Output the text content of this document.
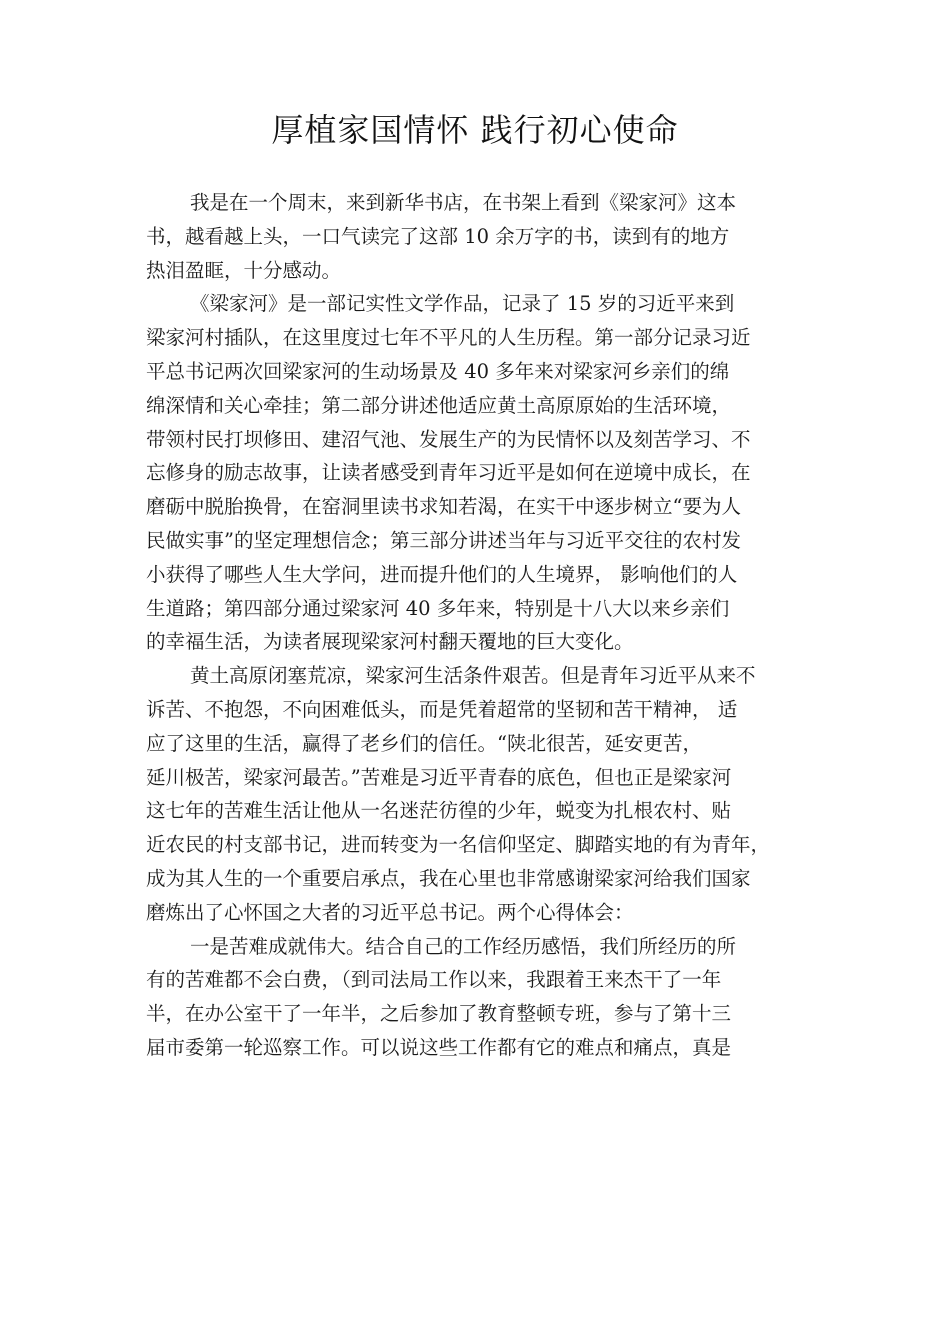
厚植家国情怀 践行初心使命
我是在一个周末，来到新华书店，在书架上看到《梁家河》这本
书，越看越上头，一口气读完了这部 10 余万字的书，读到有的地方
热泪盈眶，十分感动。
《梁家河》是一部记实性文学作品，记录了 15 岁的习近平来到
梁家河村插队，在这里度过七年不平凡的人生历程。第一部分记录习近
平总书记两次回梁家河的生动场景及 40 多年来对梁家河乡亲们的绵
绵深情和关心牵挂；第二部分讲述他适应黄土高原原始的生活环境，
带领村民打坝修田、建沼气池、发展生产的为民情怀以及刻苦学习、不
忘修身的励志故事，让读者感受到青年习近平是如何在逆境中成长，在
磨砺中脱胎换骨，在窑洞里读书求知若渴，在实干中逐步树立“要为人
民做实事”的坚定理想信念；第三部分讲述当年与习近平交往的农村发
小获得了哪些人生大学问，进而提升他们的人生境界， 影响他们的人
生道路；第四部分通过梁家河 40 多年来，特别是十八大以来乡亲们
的幸福生活，为读者展现梁家河村翻天覆地的巨大变化。
黄土高原闭塞荒凉，梁家河生活条件艰苦。但是青年习近平从来不
诉苦、不抱怨，不向困难低头，而是凭着超常的坚韧和苦干精神， 适
应了这里的生活，赢得了老乡们的信任。“陕北很苦，延安更苦，
延川极苦，梁家河最苦。”苦难是习近平青春的底色，但也正是梁家河
这七年的苦难生活让他从一名迷茫彷徨的少年，蜕变为扎根农村、贴
近农民的村支部书记，进而转变为一名信仰坚定、脚踏实地的有为青年，
成为其人生的一个重要启承点，我在心里也非常感谢梁家河给我们国家
磨炼出了心怀国之大者的习近平总书记。两个心得体会：
一是苦难成就伟大。结合自己的工作经历感悟，我们所经历的所
有的苦难都不会白费，（到司法局工作以来，我跟着王来杰干了一年
半，在办公室干了一年半，之后参加了教育整顿专班，参与了第十三
届市委第一轮巡察工作。可以说这些工作都有它的难点和痛点，真是
